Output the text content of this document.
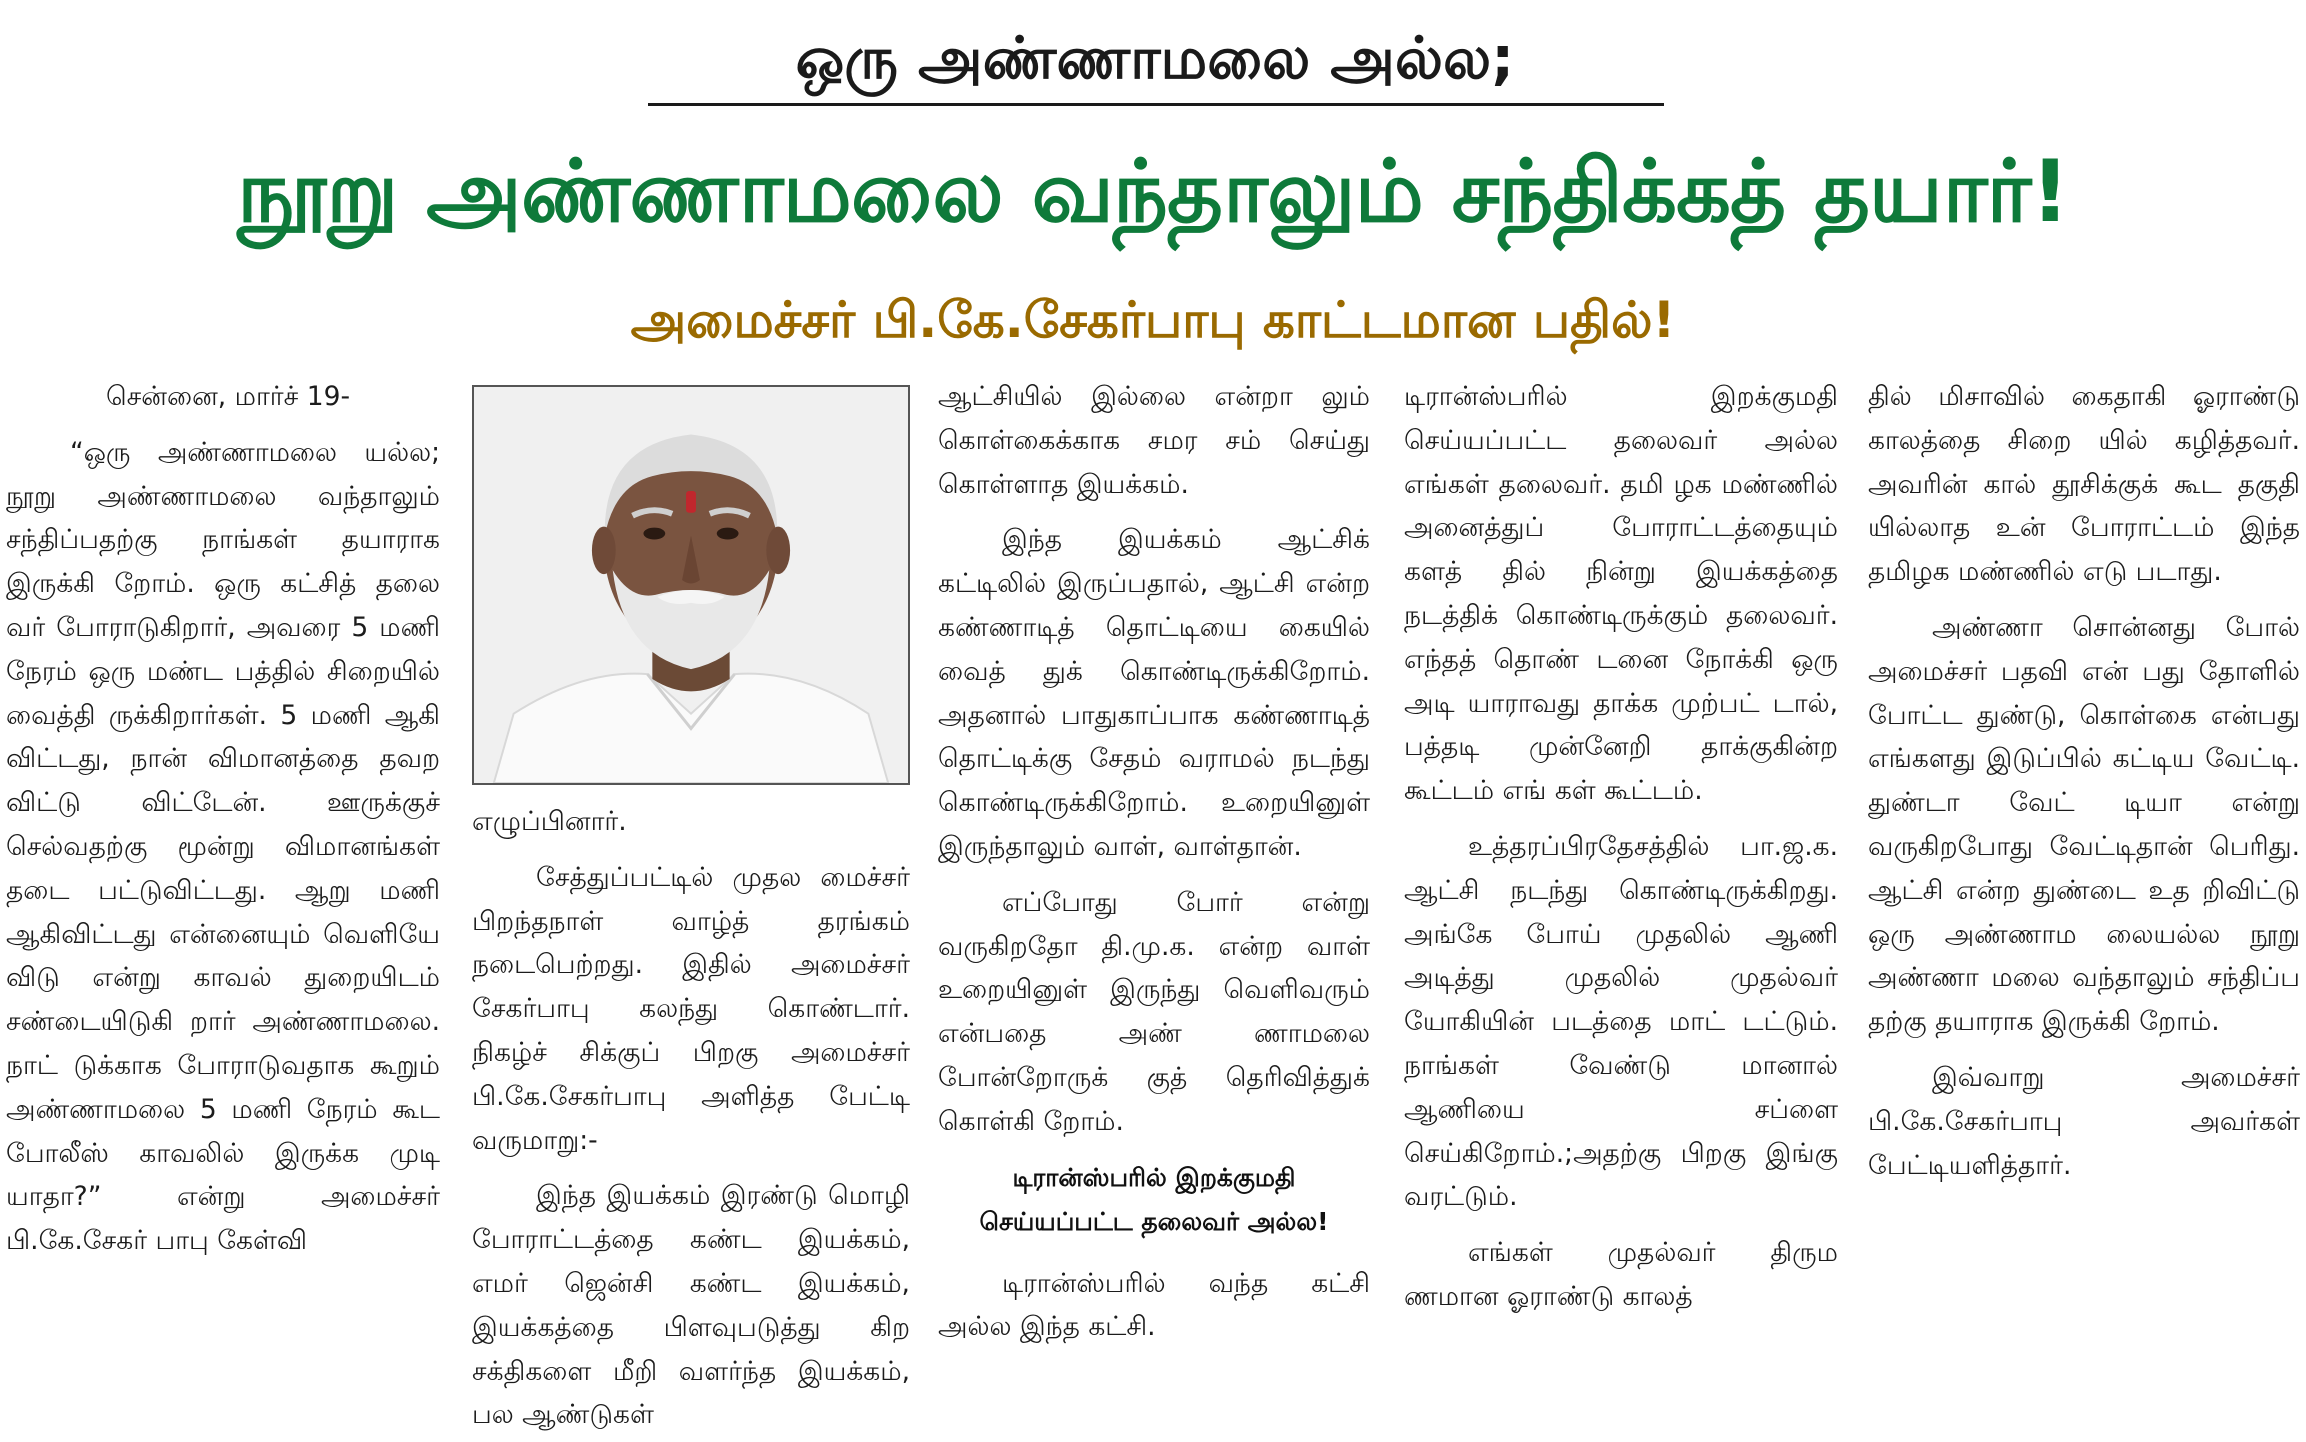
ஒரு அண்ணாமலை அல்ல;
நூறு அண்ணாமலை வந்தாலும் சந்திக்கத் தயார்!
அமைச்சர் பி.கே.சேகர்பாபு காட்டமான பதில்!

சென்னை, மார்ச் 19-

“ஒரு அண்ணாமலை யல்ல; நூறு அண்ணாமலை வந்தாலும் சந்திப்பதற்கு நாங்கள் தயாராக இருக்கி றோம். ஒரு கட்சித் தலை வர் போராடுகிறார், அவரை 5 மணி நேரம் ஒரு மண்ட பத்தில் சிறையில் வைத்தி ருக்கிறார்கள். 5 மணி ஆகி விட்டது, நான் விமானத்தை தவற விட்டு விட்டேன். ஊருக்குச் செல்வதற்கு மூன்று விமானங்கள் தடை பட்டுவிட்டது. ஆறு மணி ஆகிவிட்டது என்னையும் வெளியே விடு என்று காவல் துறையிடம் சண்டையிடுகி றார் அண்ணாமலை. நாட் டுக்காக போராடுவதாக கூறும் அண்ணாமலை 5 மணி நேரம் கூட போலீஸ் காவலில் இருக்க முடி யாதா?” என்று அமைச்சர் பி.கே.சேகர் பாபு கேள்வி

எழுப்பினார்.

சேத்துப்பட்டில் முதல மைச்சர் பிறந்தநாள் வாழ்த் தரங்கம் நடைபெற்றது. இதில் அமைச்சர் சேகர்பாபு கலந்து கொண்டார். நிகழ்ச் சிக்குப் பிறகு அமைச்சர் பி.கே.சேகர்பாபு அளித்த பேட்டி வருமாறு:-

இந்த இயக்கம் இரண்டு மொழி போராட்டத்தை கண்ட இயக்கம், எமர் ஜென்சி கண்ட இயக்கம், இயக்கத்தை பிளவுபடுத்து கிற சக்திகளை மீறி வளர்ந்த இயக்கம், பல ஆண்டுகள்

ஆட்சியில் இல்லை என்றா லும் கொள்கைக்காக சமர சம் செய்து கொள்ளாத இயக்கம்.

இந்த இயக்கம் ஆட்சிக் கட்டிலில் இருப்பதால், ஆட்சி என்ற கண்ணாடித் தொட்டியை கையில் வைத் துக் கொண்டிருக்கிறோம். அதனால் பாதுகாப்பாக கண்ணாடித் தொட்டிக்கு சேதம் வராமல் நடந்து கொண்டிருக்கிறோம். உறையினுள் இருந்தாலும் வாள், வாள்தான்.

எப்போது போர் என்று வருகிறதோ தி.மு.க. என்ற வாள் உறையினுள் இருந்து வெளிவரும் என்பதை அண் ணாமலை போன்றோருக் குத் தெரிவித்துக் கொள்கி றோம்.

டிரான்ஸ்பரில் இறக்குமதி செய்யப்பட்ட தலைவர் அல்ல!

டிரான்ஸ்பரில் வந்த கட்சி அல்ல இந்த கட்சி.

டிரான்ஸ்பரில் இறக்குமதி செய்யப்பட்ட தலைவர் அல்ல எங்கள் தலைவர். தமி ழக மண்ணில் அனைத்துப் போராட்டத்தையும் களத் தில் நின்று இயக்கத்தை நடத்திக் கொண்டிருக்கும் தலைவர். எந்தத் தொண் டனை நோக்கி ஒரு அடி யாராவது தாக்க முற்பட் டால், பத்தடி முன்னேறி தாக்குகின்ற கூட்டம் எங் கள் கூட்டம்.

உத்தரப்பிரதேசத்தில் பா.ஜ.க. ஆட்சி நடந்து கொண்டிருக்கிறது. அங்கே போய் முதலில் ஆணி அடித்து முதலில் முதல்வர் யோகியின் படத்தை மாட் டட்டும். நாங்கள் வேண்டு மானால் ஆணியை சப்ளை செய்கிறோம்.;அதற்கு பிறகு இங்கு வரட்டும்.

எங்கள் முதல்வர் திரும ணமான ஓராண்டு காலத்

தில் மிசாவில் கைதாகி ஓராண்டு காலத்தை சிறை யில் கழித்தவர். அவரின் கால் தூசிக்குக் கூட தகுதி யில்லாத உன் போராட்டம் இந்த தமிழக மண்ணில் எடு படாது.

அண்ணா சொன்னது போல் அமைச்சர் பதவி என் பது தோளில் போட்ட துண்டு, கொள்கை என்பது எங்களது இடுப்பில் கட்டிய வேட்டி. துண்டா வேட் டியா என்று வருகிறபோது வேட்டிதான் பெரிது. ஆட்சி என்ற துண்டை உத றிவிட்டு ஒரு அண்ணாம லையல்ல நூறு அண்ணா மலை வந்தாலும் சந்திப்ப தற்கு தயாராக இருக்கி றோம்.

இவ்வாறு அமைச்சர் பி.கே.சேகர்பாபு அவர்கள் பேட்டியளித்தார்.
